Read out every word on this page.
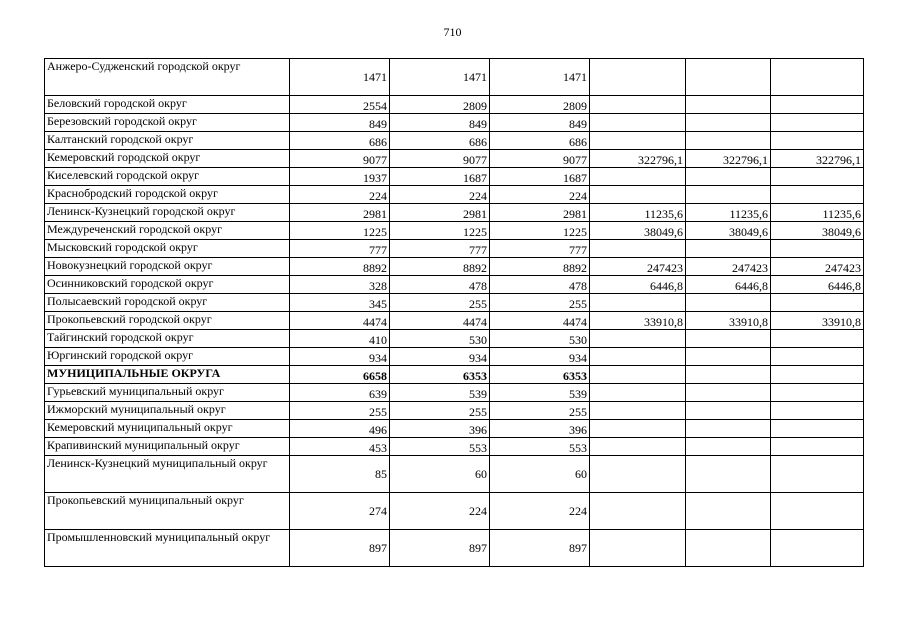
710
Анжеро-Судженский городской округ	1471	1471	1471			
Беловский городской округ	2554	2809	2809			
Березовский городской округ	849	849	849			
Калтанский городской округ	686	686	686			
Кемеровский городской округ	9077	9077	9077	322796,1	322796,1	322796,1
Киселевский городской округ	1937	1687	1687			
Краснобродский городской округ	224	224	224			
Ленинск-Кузнецкий городской округ	2981	2981	2981	11235,6	11235,6	11235,6
Междуреченский городской округ	1225	1225	1225	38049,6	38049,6	38049,6
Мысковский городской округ	777	777	777			
Новокузнецкий городской округ	8892	8892	8892	247423	247423	247423
Осинниковский городской округ	328	478	478	6446,8	6446,8	6446,8
Полысаевский городской округ	345	255	255			
Прокопьевский городской округ	4474	4474	4474	33910,8	33910,8	33910,8
Тайгинский городской округ	410	530	530			
Юргинский городской округ	934	934	934			
МУНИЦИПАЛЬНЫЕ ОКРУГА	6658	6353	6353			
Гурьевский муниципальный округ	639	539	539			
Ижморский муниципальный округ	255	255	255			
Кемеровский муниципальный округ	496	396	396			
Крапивинский муниципальный округ	453	553	553			
Ленинск-Кузнецкий муниципальный округ	85	60	60			
Прокопьевский муниципальный округ	274	224	224			
Промышленновский муниципальный округ	897	897	897			
